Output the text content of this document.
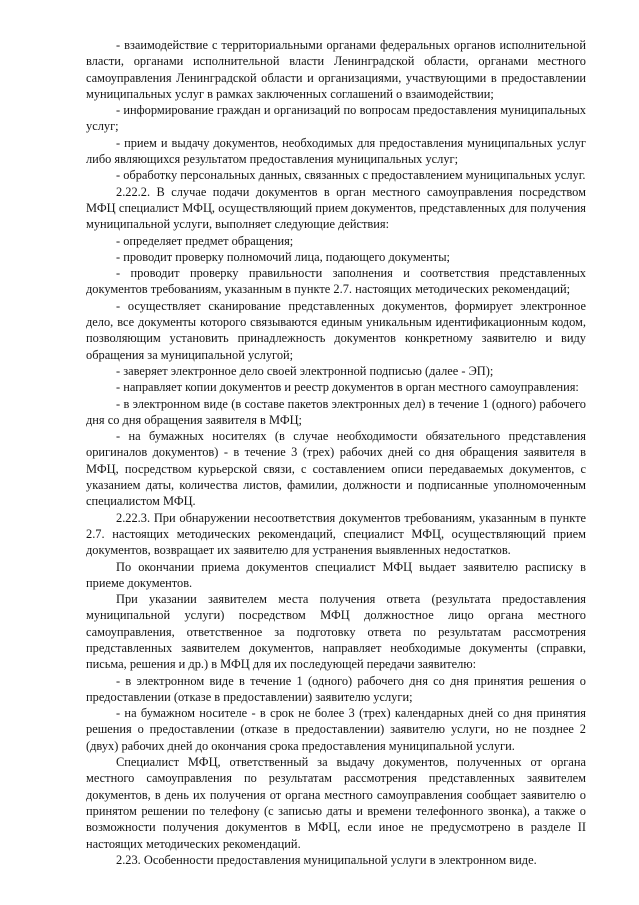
- взаимодействие с территориальными органами федеральных органов исполнительной власти, органами исполнительной власти Ленинградской области, органами местного самоуправления Ленинградской области и организациями, участвующими в предоставлении муниципальных услуг в рамках заключенных соглашений о взаимодействии;

- информирование граждан и организаций по вопросам предоставления муниципальных услуг;

- прием и выдачу документов, необходимых для предоставления муниципальных услуг либо являющихся результатом предоставления муниципальных услуг;

- обработку персональных данных, связанных с предоставлением муниципальных услуг.

2.22.2. В случае подачи документов в орган местного самоуправления посредством МФЦ специалист МФЦ, осуществляющий прием документов, представленных для получения муниципальной услуги, выполняет следующие действия:

- определяет предмет обращения;

- проводит проверку полномочий лица, подающего документы;

- проводит проверку правильности заполнения и соответствия представленных документов требованиям, указанным в пункте 2.7. настоящих методических рекомендаций;

- осуществляет сканирование представленных документов, формирует электронное дело, все документы которого связываются единым уникальным идентификационным кодом, позволяющим установить принадлежность документов конкретному заявителю и виду обращения за муниципальной услугой;

- заверяет электронное дело своей электронной подписью (далее - ЭП);

- направляет копии документов и реестр документов в орган местного самоуправления:

- в электронном виде (в составе пакетов электронных дел) в течение 1 (одного) рабочего дня со дня обращения заявителя в МФЦ;

- на бумажных носителях (в случае необходимости обязательного представления оригиналов документов) - в течение 3 (трех) рабочих дней со дня обращения заявителя в МФЦ, посредством курьерской связи, с составлением описи передаваемых документов, с указанием даты, количества листов, фамилии, должности и подписанные уполномоченным специалистом МФЦ.

2.22.3. При обнаружении несоответствия документов требованиям, указанным в пункте 2.7. настоящих методических рекомендаций, специалист МФЦ, осуществляющий прием документов, возвращает их заявителю для устранения выявленных недостатков.

По окончании приема документов специалист МФЦ выдает заявителю расписку в приеме документов.

При указании заявителем места получения ответа (результата предоставления муниципальной услуги) посредством МФЦ должностное лицо органа местного самоуправления, ответственное за подготовку ответа по результатам рассмотрения представленных заявителем документов, направляет необходимые документы (справки, письма, решения и др.) в МФЦ для их последующей передачи заявителю:

- в электронном виде в течение 1 (одного) рабочего дня со дня принятия решения о предоставлении (отказе в предоставлении) заявителю услуги;

- на бумажном носителе - в срок не более 3 (трех) календарных дней со дня принятия решения о предоставлении (отказе в предоставлении) заявителю услуги, но не позднее 2 (двух) рабочих дней до окончания срока предоставления муниципальной услуги.

Специалист МФЦ, ответственный за выдачу документов, полученных от органа местного самоуправления по результатам рассмотрения представленных заявителем документов, в день их получения от органа местного самоуправления сообщает заявителю о принятом решении по телефону (с записью даты и времени телефонного звонка), а также о возможности получения документов в МФЦ, если иное не предусмотрено в разделе II настоящих методических рекомендаций.

2.23. Особенности предоставления муниципальной услуги в электронном виде.
